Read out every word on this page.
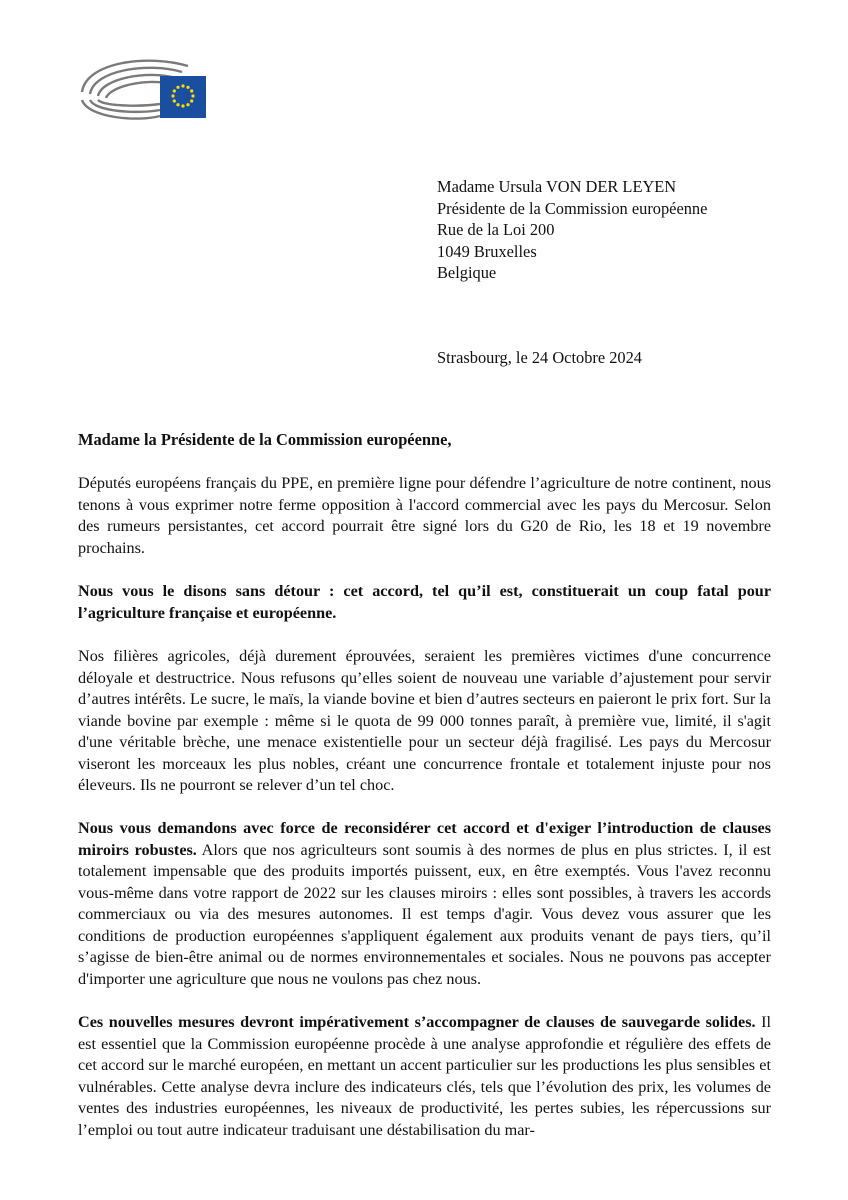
Madame Ursula VON DER LEYEN
Présidente de la Commission européenne
Rue de la Loi 200
1049 Bruxelles
Belgique
Strasbourg, le 24 Octobre 2024
Madame la Présidente de la Commission européenne,

Députés européens français du PPE, en première ligne pour défendre l’agriculture de notre continent, nous tenons à vous exprimer notre ferme opposition à l'accord commercial avec les pays du Mercosur. Selon des rumeurs persistantes, cet accord pourrait être signé lors du G20 de Rio, les 18 et 19 novembre prochains.

Nous vous le disons sans détour : cet accord, tel qu’il est, constituerait un coup fatal pour l’agriculture française et européenne.

Nos filières agricoles, déjà durement éprouvées, seraient les premières victimes d'une concurrence déloyale et destructrice. Nous refusons qu’elles soient de nouveau une variable d’ajustement pour servir d’autres intérêts. Le sucre, le maïs, la viande bovine et bien d’autres secteurs en paieront le prix fort. Sur la viande bovine par exemple : même si le quota de 99 000 tonnes paraît, à première vue, limité, il s'agit d'une véritable brèche, une menace existentielle pour un secteur déjà fragilisé. Les pays du Mercosur viseront les morceaux les plus nobles, créant une concurrence frontale et totalement injuste pour nos éleveurs. Ils ne pourront se relever d’un tel choc.

Nous vous demandons avec force de reconsidérer cet accord et d'exiger l’introduction de clauses miroirs robustes. Alors que nos agriculteurs sont soumis à des normes de plus en plus strictes. I, il est totalement impensable que des produits importés puissent, eux, en être exemptés. Vous l'avez reconnu vous-même dans votre rapport de 2022 sur les clauses miroirs : elles sont possibles, à travers les accords commerciaux ou via des mesures autonomes. Il est temps d'agir. Vous devez vous assurer que les conditions de production européennes s'appliquent également aux produits venant de pays tiers, qu’il s’agisse de bien-être animal ou de normes environnementales et sociales. Nous ne pouvons pas accepter d'importer une agriculture que nous ne voulons pas chez nous.

Ces nouvelles mesures devront impérativement s’accompagner de clauses de sauvegarde solides. Il est essentiel que la Commission européenne procède à une analyse approfondie et régulière des effets de cet accord sur le marché européen, en mettant un accent particulier sur les productions les plus sensibles et vulnérables. Cette analyse devra inclure des indicateurs clés, tels que l’évolution des prix, les volumes de ventes des industries européennes, les niveaux de productivité, les pertes subies, les répercussions sur l’emploi ou tout autre indicateur traduisant une déstabilisation du mar-
